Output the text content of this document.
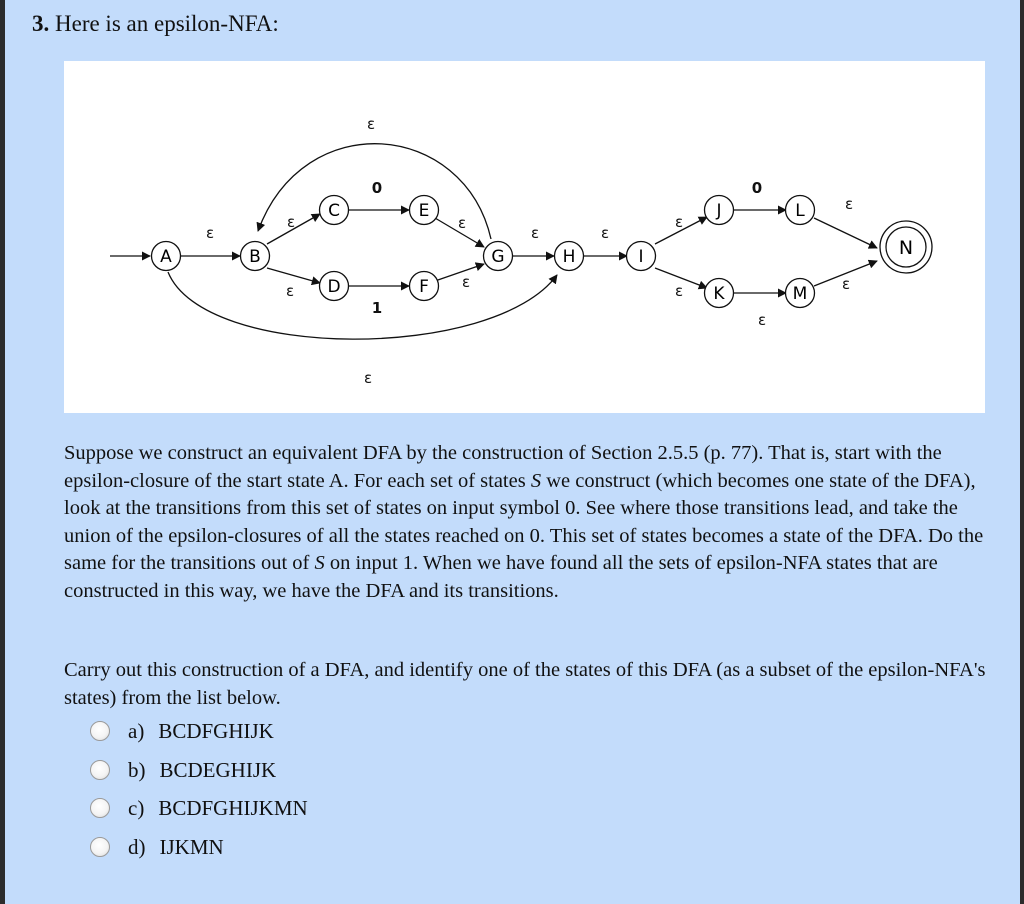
3. Here is an epsilon-NFA:
A	B
C
D
E
F
G	H	I
J
K
L
M
N
ε
ε
ε
ε
0
1
ε
ε
ε
ε	ε
ε
ε
0
ε
ε
ε

Suppose we construct an equivalent DFA by the construction of Section 2.5.5 (p. 77). That is, start with the epsilon-closure of the start state A. For each set of states S we construct (which becomes one state of the DFA), look at the transitions from this set of states on input symbol 0. See where those transitions lead, and take the union of the epsilon-closures of all the states reached on 0. This set of states becomes a state of the DFA. Do the same for the transitions out of S on input 1. When we have found all the sets of epsilon-NFA states that are constructed in this way, we have the DFA and its transitions.

Carry out this construction of a DFA, and identify one of the states of this DFA (as a subset of the epsilon-NFA's states) from the list below.

a) BCDFGHIJK
b) BCDEGHIJK
c) BCDFGHIJKMN
d) IJKMN
